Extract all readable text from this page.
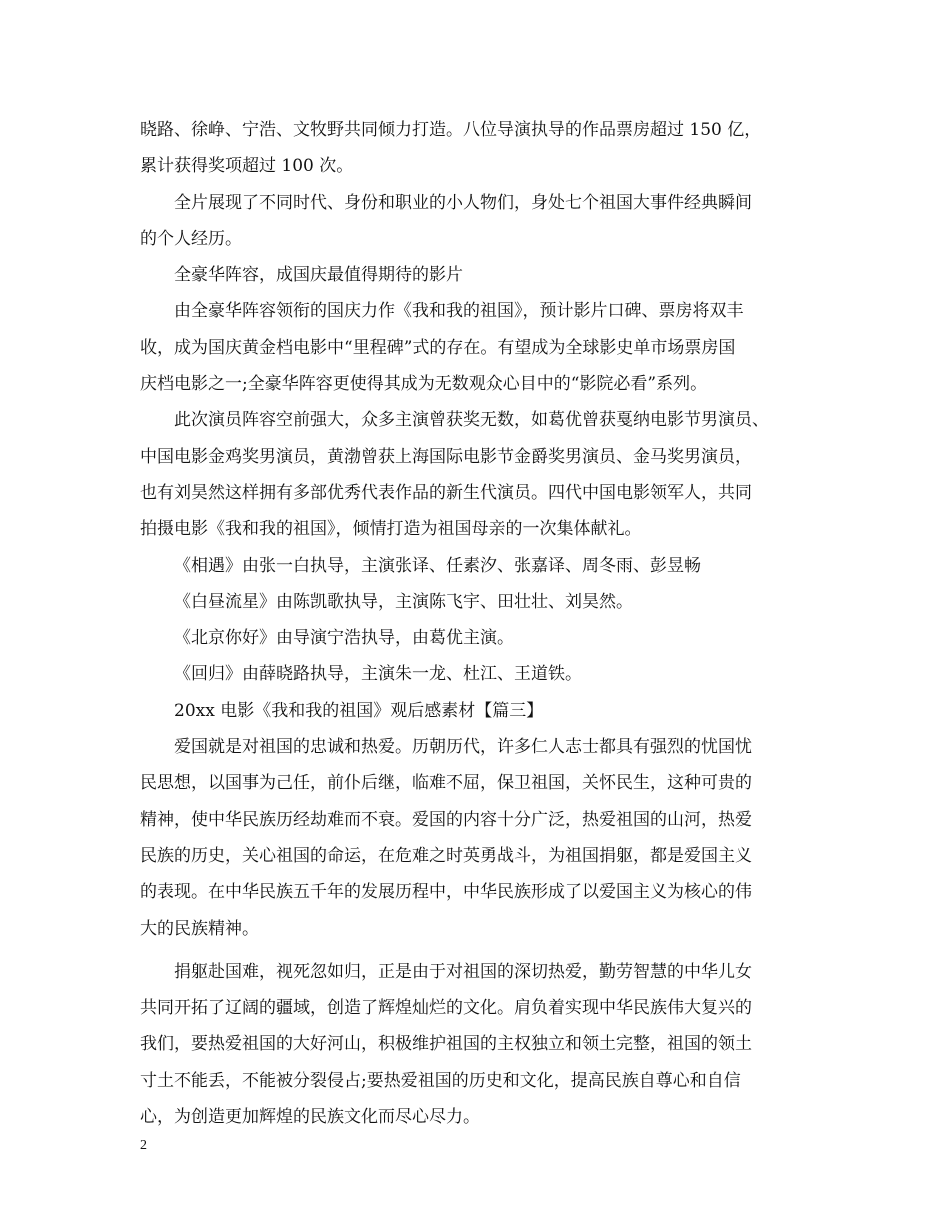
晓路、徐峥、宁浩、文牧野共同倾力打造。八位导演执导的作品票房超过 150 亿，
累计获得奖项超过 100 次。
全片展现了不同时代、身份和职业的小人物们，身处七个祖国大事件经典瞬间
的个人经历。
全豪华阵容，成国庆最值得期待的影片
由全豪华阵容领衔的国庆力作《我和我的祖国》，预计影片口碑、票房将双丰
收，成为国庆黄金档电影中“里程碑”式的存在。有望成为全球影史单市场票房国
庆档电影之一;全豪华阵容更使得其成为无数观众心目中的“影院必看”系列。
此次演员阵容空前强大，众多主演曾获奖无数，如葛优曾获戛纳电影节男演员、
中国电影金鸡奖男演员，黄渤曾获上海国际电影节金爵奖男演员、金马奖男演员，
也有刘昊然这样拥有多部优秀代表作品的新生代演员。四代中国电影领军人，共同
拍摄电影《我和我的祖国》，倾情打造为祖国母亲的一次集体献礼。
《相遇》由张一白执导，主演张译、任素汐、张嘉译、周冬雨、彭昱畅
《白昼流星》由陈凯歌执导，主演陈飞宇、田壮壮、刘昊然。
《北京你好》由导演宁浩执导，由葛优主演。
《回归》由薛晓路执导，主演朱一龙、杜江、王道铁。
20xx 电影《我和我的祖国》观后感素材【篇三】
爱国就是对祖国的忠诚和热爱。历朝历代，许多仁人志士都具有强烈的忧国忧
民思想，以国事为己任，前仆后继，临难不屈，保卫祖国，关怀民生，这种可贵的
精神，使中华民族历经劫难而不衰。爱国的内容十分广泛，热爱祖国的山河，热爱
民族的历史，关心祖国的命运，在危难之时英勇战斗，为祖国捐躯，都是爱国主义
的表现。在中华民族五千年的发展历程中，中华民族形成了以爱国主义为核心的伟
大的民族精神。
捐躯赴国难，视死忽如归，正是由于对祖国的深切热爱，勤劳智慧的中华儿女
共同开拓了辽阔的疆域，创造了辉煌灿烂的文化。肩负着实现中华民族伟大复兴的
我们，要热爱祖国的大好河山，积极维护祖国的主权独立和领土完整，祖国的领土
寸土不能丢，不能被分裂侵占;要热爱祖国的历史和文化，提高民族自尊心和自信
心，为创造更加辉煌的民族文化而尽心尽力。
2
